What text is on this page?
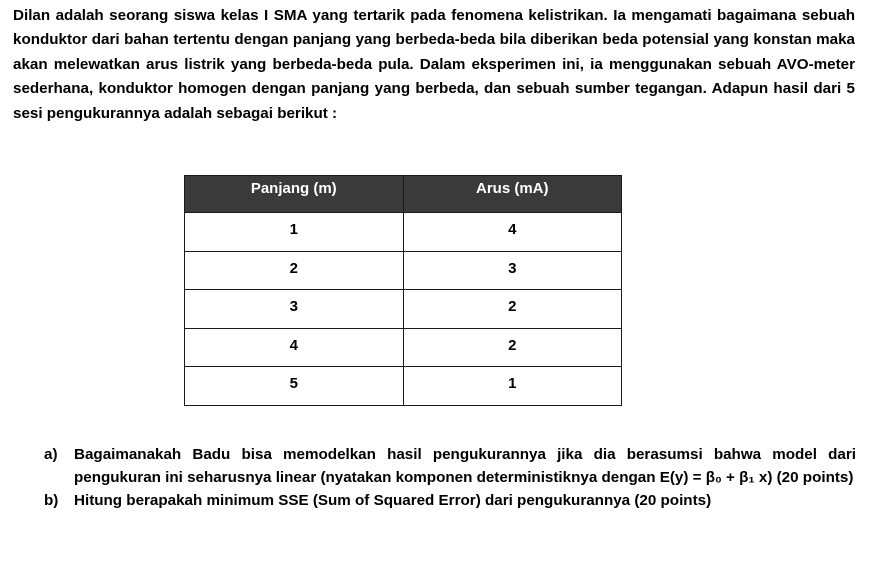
Dilan adalah seorang siswa kelas I SMA yang tertarik pada fenomena kelistrikan. Ia mengamati bagaimana sebuah konduktor dari bahan tertentu dengan panjang yang berbeda-beda bila diberikan beda potensial yang konstan maka akan melewatkan arus listrik yang berbeda-beda pula. Dalam eksperimen ini, ia menggunakan sebuah AVO-meter sederhana, konduktor homogen dengan panjang yang berbeda, dan sebuah sumber tegangan. Adapun hasil dari 5 sesi pengukurannya adalah sebagai berikut :

Panjang (m)	Arus (mA)
1	4
2	3
3	2
4	2
5	1
a)	Bagaimanakah Badu bisa memodelkan hasil pengukurannya jika dia berasumsi bahwa model dari pengukuran ini seharusnya linear (nyatakan komponen deterministiknya dengan E(y) = β₀ + β₁ x) (20 points)
b)	Hitung berapakah minimum SSE (Sum of Squared Error) dari pengukurannya (20 points)
